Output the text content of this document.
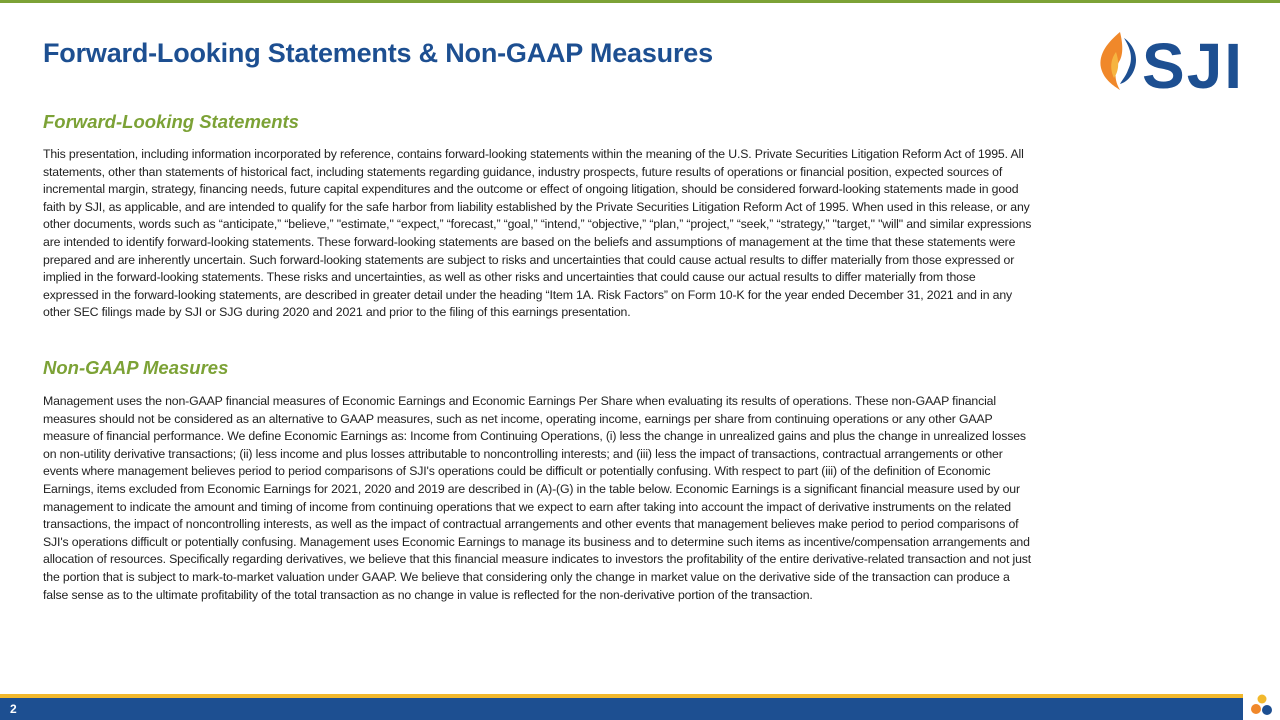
Forward-Looking Statements & Non-GAAP Measures	SJI
Forward-Looking Statements

This presentation, including information incorporated by reference, contains forward-looking statements within the meaning of the U.S. Private Securities Litigation Reform Act of 1995. All statements, other than statements of historical fact, including statements regarding guidance, industry prospects, future results of operations or financial position, expected sources of incremental margin, strategy, financing needs, future capital expenditures and the outcome or effect of ongoing litigation, should be considered forward-looking statements made in good faith by SJI, as applicable, and are intended to qualify for the safe harbor from liability established by the Private Securities Litigation Reform Act of 1995. When used in this release, or any other documents, words such as “anticipate,” “believe,” "estimate," “expect,” “forecast,” “goal,” “intend,” “objective,” “plan,” “project,” “seek,” “strategy,” "target," "will" and similar expressions are intended to identify forward-looking statements. These forward-looking statements are based on the beliefs and assumptions of management at the time that these statements were prepared and are inherently uncertain. Such forward-looking statements are subject to risks and uncertainties that could cause actual results to differ materially from those expressed or implied in the forward-looking statements. These risks and uncertainties, as well as other risks and uncertainties that could cause our actual results to differ materially from those expressed in the forward-looking statements, are described in greater detail under the heading “Item 1A. Risk Factors” on Form 10-K for the year ended December 31, 2021 and in any other SEC filings made by SJI or SJG during 2020 and 2021 and prior to the filing of this earnings presentation.

Non-GAAP Measures

Management uses the non-GAAP financial measures of Economic Earnings and Economic Earnings Per Share when evaluating its results of operations. These non-GAAP financial measures should not be considered as an alternative to GAAP measures, such as net income, operating income, earnings per share from continuing operations or any other GAAP measure of financial performance. We define Economic Earnings as: Income from Continuing Operations, (i) less the change in unrealized gains and plus the change in unrealized losses on non-utility derivative transactions; (ii) less income and plus losses attributable to noncontrolling interests; and (iii) less the impact of transactions, contractual arrangements or other events where management believes period to period comparisons of SJI's operations could be difficult or potentially confusing. With respect to part (iii) of the definition of Economic Earnings, items excluded from Economic Earnings for 2021, 2020 and 2019 are described in (A)-(G) in the table below. Economic Earnings is a significant financial measure used by our management to indicate the amount and timing of income from continuing operations that we expect to earn after taking into account the impact of derivative instruments on the related transactions, the impact of noncontrolling interests, as well as the impact of contractual arrangements and other events that management believes make period to period comparisons of SJI's operations difficult or potentially confusing. Management uses Economic Earnings to manage its business and to determine such items as incentive/compensation arrangements and allocation of resources. Specifically regarding derivatives, we believe that this financial measure indicates to investors the profitability of the entire derivative-related transaction and not just the portion that is subject to mark-to-market valuation under GAAP. We believe that considering only the change in market value on the derivative side of the transaction can produce a false sense as to the ultimate profitability of the total transaction as no change in value is reflected for the non-derivative portion of the transaction.

2
